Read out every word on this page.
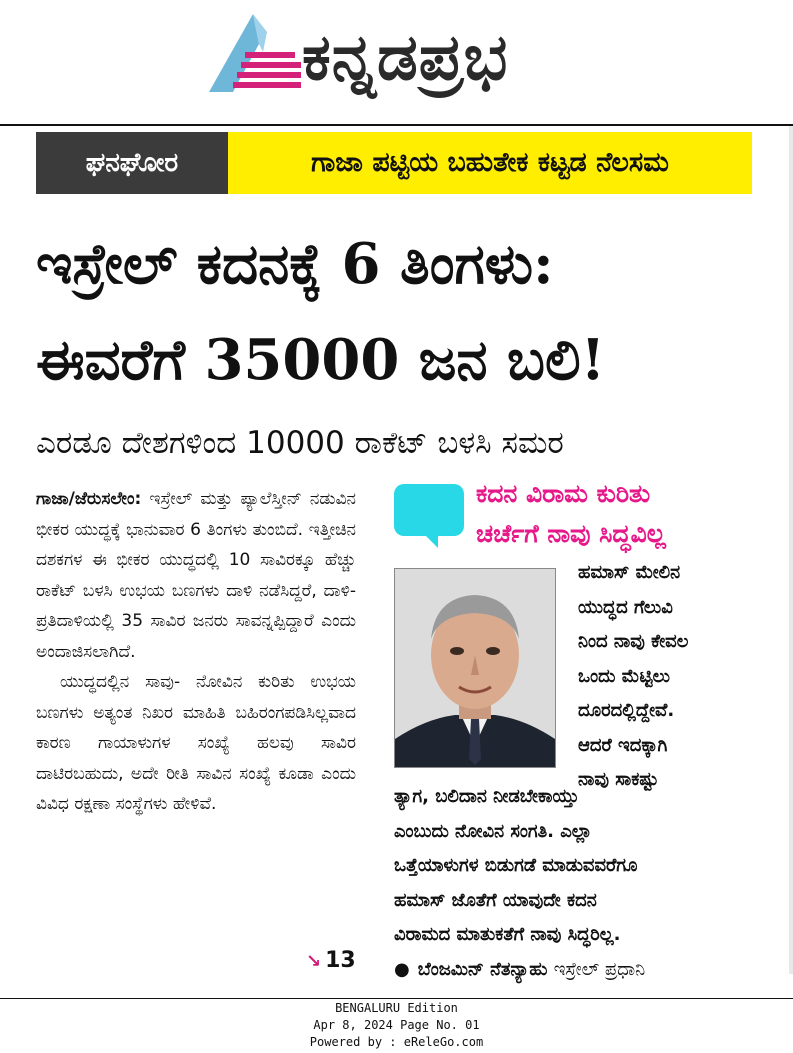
ಕನ್ನಡಪ್ರಭ
ಘನಘೋರ	ಗಾಜಾ ಪಟ್ಟಿಯ ಬಹುತೇಕ ಕಟ್ಟಡ ನೆಲಸಮ
ಇಸ್ರೇಲ್ ಕದನಕ್ಕೆ 6 ತಿಂಗಳು:
ಈವರೆಗೆ 35000 ಜನ ಬಲಿ!
ಎರಡೂ ದೇಶಗಳಿಂದ 10000 ರಾಕೆಟ್ ಬಳಸಿ ಸಮರ

ಗಾಜಾ/ಜೆರುಸಲೇಂ: ಇಸ್ರೇಲ್ ಮತ್ತು ಪ್ಯಾಲೆಸ್ತೀನ್ ನಡುವಿನ ಭೀಕರ ಯುದ್ಧಕ್ಕೆ ಭಾನುವಾರ 6 ತಿಂಗಳು ತುಂಬಿದೆ. ಇತ್ತೀಚಿನ ದಶಕಗಳ ಈ ಭೀಕರ ಯುದ್ಧದಲ್ಲಿ 10 ಸಾವಿರಕ್ಕೂ ಹೆಚ್ಚು ರಾಕೆಟ್ ಬಳಸಿ ಉಭಯ ಬಣಗಳು ದಾಳಿ ನಡೆಸಿದ್ದರೆ, ದಾಳಿ-ಪ್ರತಿದಾಳಿಯಲ್ಲಿ 35 ಸಾವಿರ ಜನರು ಸಾವನ್ನಪ್ಪಿದ್ದಾರೆ ಎಂದು ಅಂದಾಜಿಸಲಾಗಿದೆ.

ಯುದ್ಧದಲ್ಲಿನ ಸಾವು- ನೋವಿನ ಕುರಿತು ಉಭಯ ಬಣಗಳು ಅತ್ಯಂತ ನಿಖರ ಮಾಹಿತಿ ಬಹಿರಂಗಪಡಿಸಿಲ್ಲವಾದ ಕಾರಣ ಗಾಯಾಳುಗಳ ಸಂಖ್ಯೆ ಹಲವು ಸಾವಿರ ದಾಟಿರಬಹುದು, ಅದೇ ರೀತಿ ಸಾವಿನ ಸಂಖ್ಯೆ ಕೂಡಾ ಎಂದು ವಿವಿಧ ರಕ್ಷಣಾ ಸಂಸ್ಥೆಗಳು ಹೇಳಿವೆ.

↘ 13
ಕದನ ವಿರಾಮ ಕುರಿತು
ಚರ್ಚೆಗೆ ನಾವು ಸಿದ್ಧವಿಲ್ಲ
ಹಮಾಸ್ ಮೇಲಿನ
ಯುದ್ಧದ ಗೆಲುವಿ
ನಿಂದ ನಾವು ಕೇವಲ
ಒಂದು ಮೆಟ್ಟಿಲು
ದೂರದಲ್ಲಿದ್ದೇವೆ.
ಆದರೆ ಇದಕ್ಕಾಗಿ
ನಾವು ಸಾಕಷ್ಟು
ತ್ಯಾಗ, ಬಲಿದಾನ ನೀಡಬೇಕಾಯ್ತು
ಎಂಬುದು ನೋವಿನ ಸಂಗತಿ. ಎಲ್ಲಾ
ಒತ್ತೆಯಾಳುಗಳ ಬಿಡುಗಡೆ ಮಾಡುವವರೆಗೂ
ಹಮಾಸ್ ಜೊತೆಗೆ ಯಾವುದೇ ಕದನ
ವಿರಾಮದ ಮಾತುಕತೆಗೆ ನಾವು ಸಿದ್ಧರಿಲ್ಲ.
● ಬೆಂಜಮಿನ್ ನೆತನ್ಯಾಹು ಇಸ್ರೇಲ್ ಪ್ರಧಾನಿ
BENGALURU Edition
Apr 8, 2024 Page No. 01
Powered by : eReleGo.com
